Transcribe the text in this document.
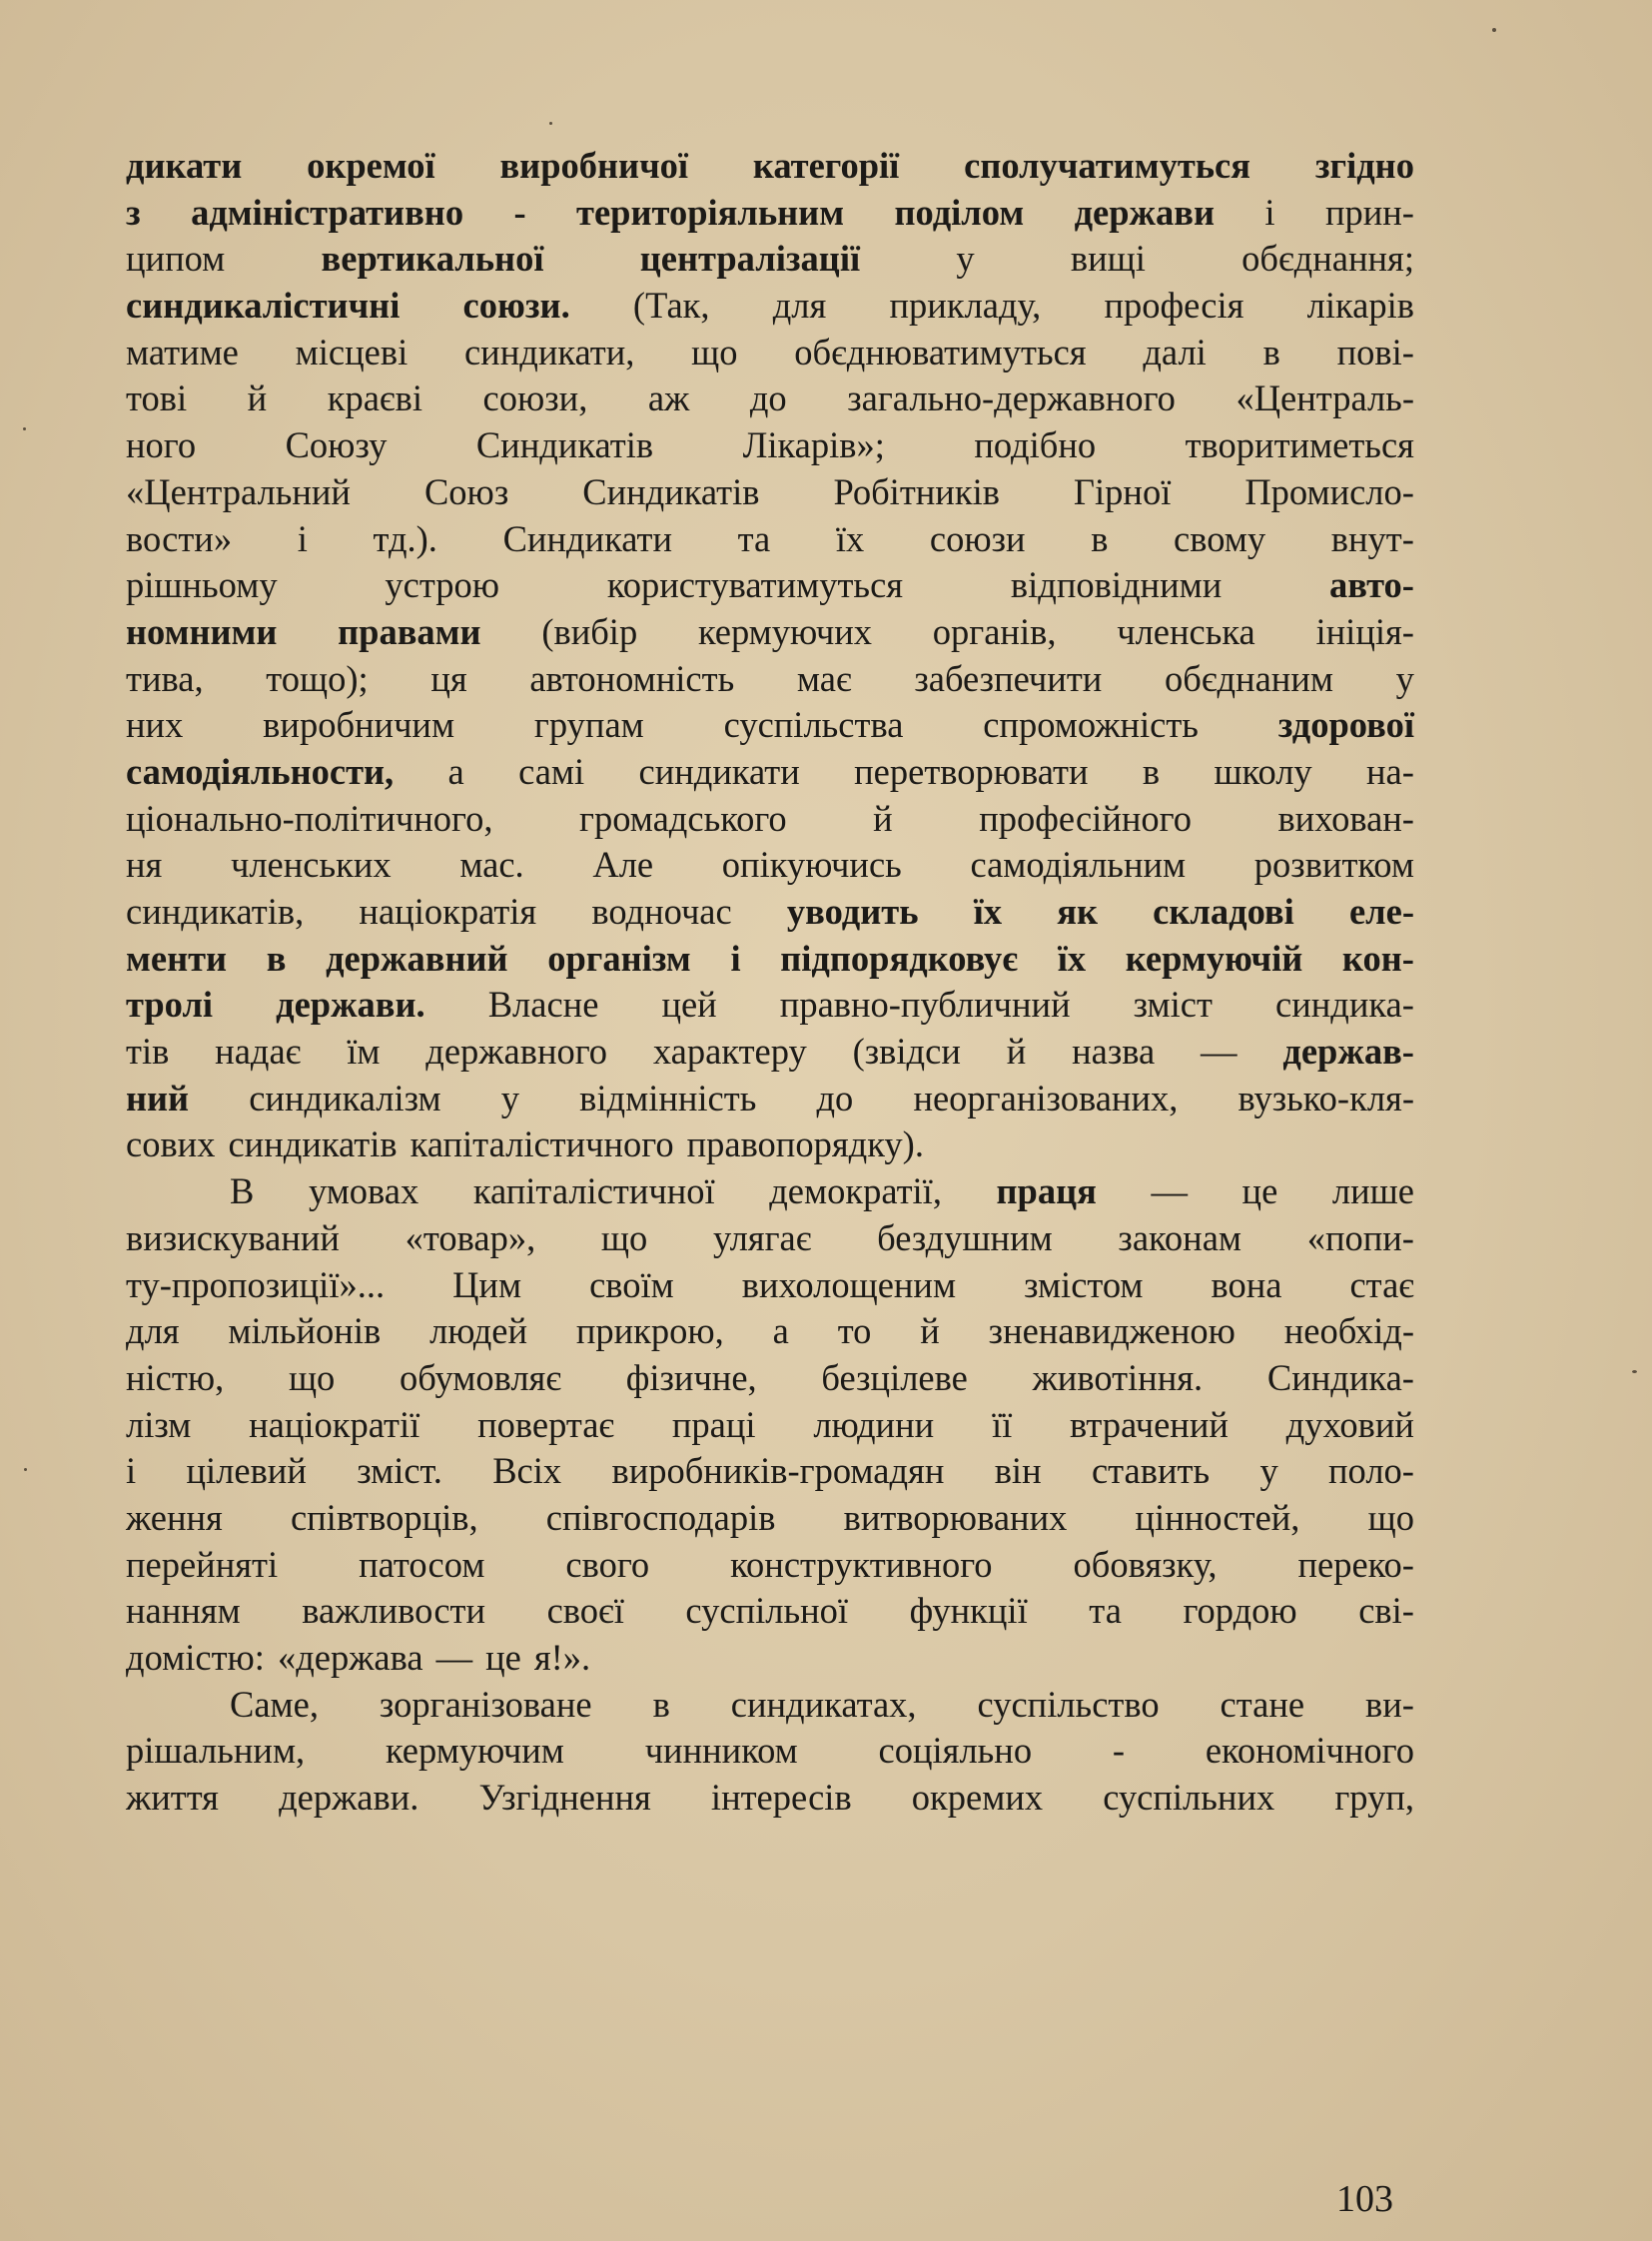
дикати окремої виробничої категорії сполучатимуться згідно
з адміністративно - територіяльним поділом держави і прин-
ципом	вертикальної	централізації	у	вищі	обєднання;
синдикалістичні союзи. (Так, для прикладу, професія лікарів
матиме місцеві синдикати, що обєднюватимуться далі в пові-
тові й краєві союзи, аж до загально-державного «Централь-
ного Союзу Синдикатів Лікарів»; подібно творитиметься
«Центральний Союз Синдикатів Робітників Гірної Промисло-
вости» і тд.). Синдикати та їх союзи в свому внут-
рішньому	устрою	користуватимуться	відповідними	авто-
номними правами (вибір кермуючих органів, членська ініція-
тива, тощо); ця автономність має забезпечити обєднаним у
них виробничим групам суспільства спроможність здорової
самодіяльности, а самі синдикати перетворювати в школу на-
ціонально-політичного, громадського й професійного вихован-
ня членських мас. Але опікуючись самодіяльним розвитком
синдикатів, націократія водночас уводить їх як складові еле-
менти в державний організм і підпорядковує їх кермуючій кон-
тролі держави. Власне цей правно-публичний зміст синдика-
тів надає їм державного характеру (звідси й назва — держав-
ний синдикалізм у відмінність до неорганізованих, вузько-кля-
сових синдикатів капіталістичного правопорядку).
В умовах капіталістичної демократії, праця — це лише
визискуваний «товар», що улягає бездушним законам «попи-
ту-пропозиції»... Цим своїм вихолощеним змістом вона стає
для мільйонів людей прикрою, а то й зненавидженою необхід-
ністю, що обумовляє фізичне, безцілеве животіння. Синдика-
лізм націократії повертає праці людини її втрачений духовий
і цілевий зміст. Всіх виробників-громадян він ставить у поло-
ження співтворців, співгосподарів витворюваних цінностей, що
перейняті патосом свого конструктивного обовязку, переко-
нанням важливости своєї суспільної функції та гордою сві-
домістю: «держава — це я!».
Саме, зорганізоване в синдикатах, суспільство стане ви-
рішальним, кермуючим чинником соціяльно - економічного
життя держави. Узгіднення інтересів окремих суспільних груп,
103
